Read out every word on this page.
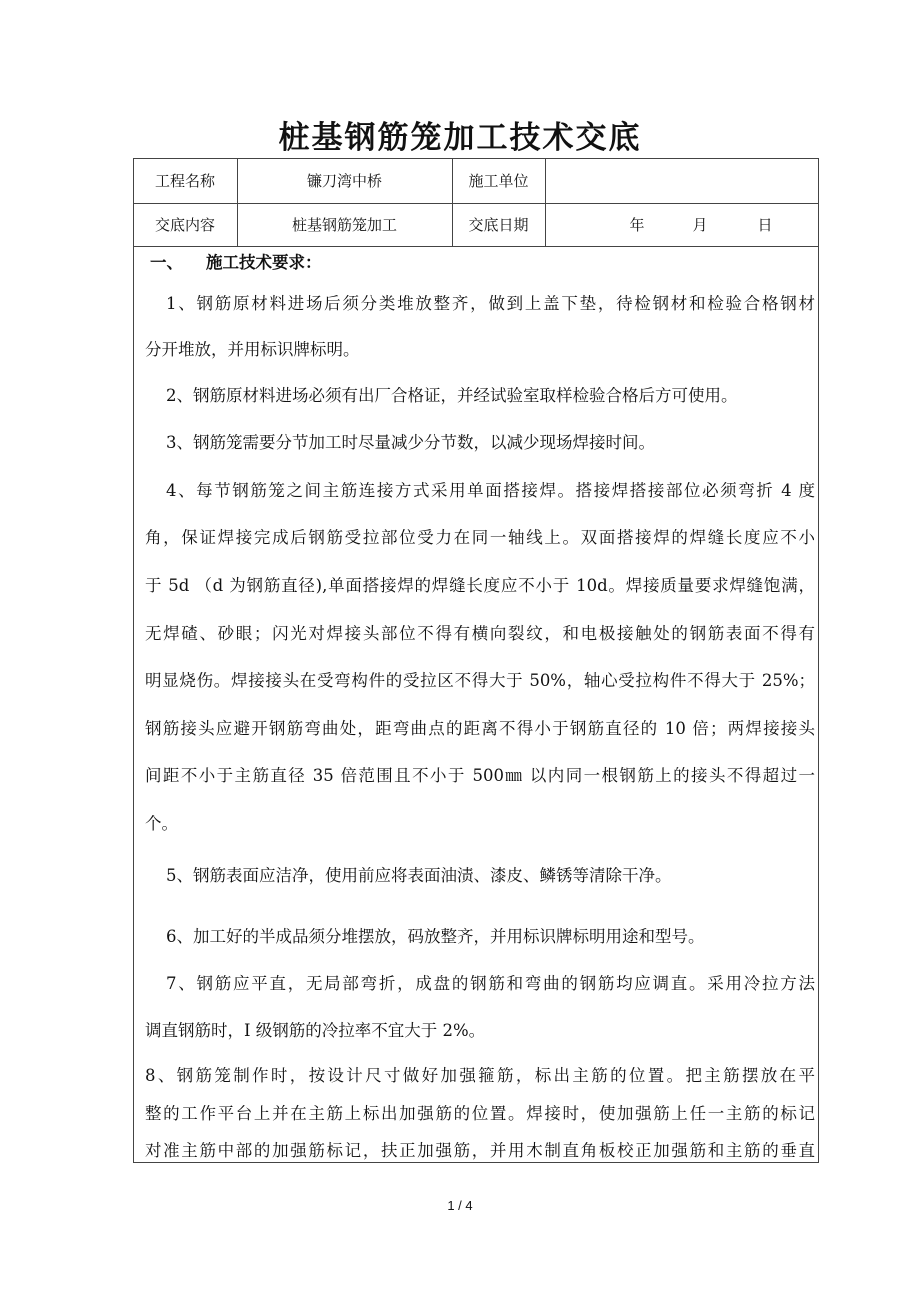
桩基钢筋笼加工技术交底
工程名称	镰刀湾中桥	施工单位
交底内容	桩基钢筋笼加工	交底日期	年	月	日
一、    施工技术要求：
1、钢筋原材料进场后须分类堆放整齐，做到上盖下垫，待检钢材和检验合格钢材
分开堆放，并用标识牌标明。
2、钢筋原材料进场必须有出厂合格证，并经试验室取样检验合格后方可使用。
3、钢筋笼需要分节加工时尽量减少分节数，以减少现场焊接时间。
4、每节钢筋笼之间主筋连接方式采用单面搭接焊。搭接焊搭接部位必须弯折 4 度
角，保证焊接完成后钢筋受拉部位受力在同一轴线上。双面搭接焊的焊缝长度应不小
于 5d （d 为钢筋直径),单面搭接焊的焊缝长度应不小于 10d。焊接质量要求焊缝饱满，
无焊碴、砂眼；闪光对焊接头部位不得有横向裂纹，和电极接触处的钢筋表面不得有
明显烧伤。焊接接头在受弯构件的受拉区不得大于 50%，轴心受拉构件不得大于 25%；
钢筋接头应避开钢筋弯曲处，距弯曲点的距离不得小于钢筋直径的 10 倍；两焊接接头
间距不小于主筋直径 35 倍范围且不小于 500㎜ 以内同一根钢筋上的接头不得超过一
个。
5、钢筋表面应洁净，使用前应将表面油渍、漆皮、鳞锈等清除干净。
6、加工好的半成品须分堆摆放，码放整齐，并用标识牌标明用途和型号。
7、钢筋应平直，无局部弯折，成盘的钢筋和弯曲的钢筋均应调直。采用冷拉方法
调直钢筋时，I 级钢筋的冷拉率不宜大于 2%。
8、钢筋笼制作时，按设计尺寸做好加强箍筋，标出主筋的位置。把主筋摆放在平
整的工作平台上并在主筋上标出加强筋的位置。焊接时，使加强筋上任一主筋的标记
对准主筋中部的加强筋标记，扶正加强筋，并用木制直角板校正加强筋和主筋的垂直
1 / 4
